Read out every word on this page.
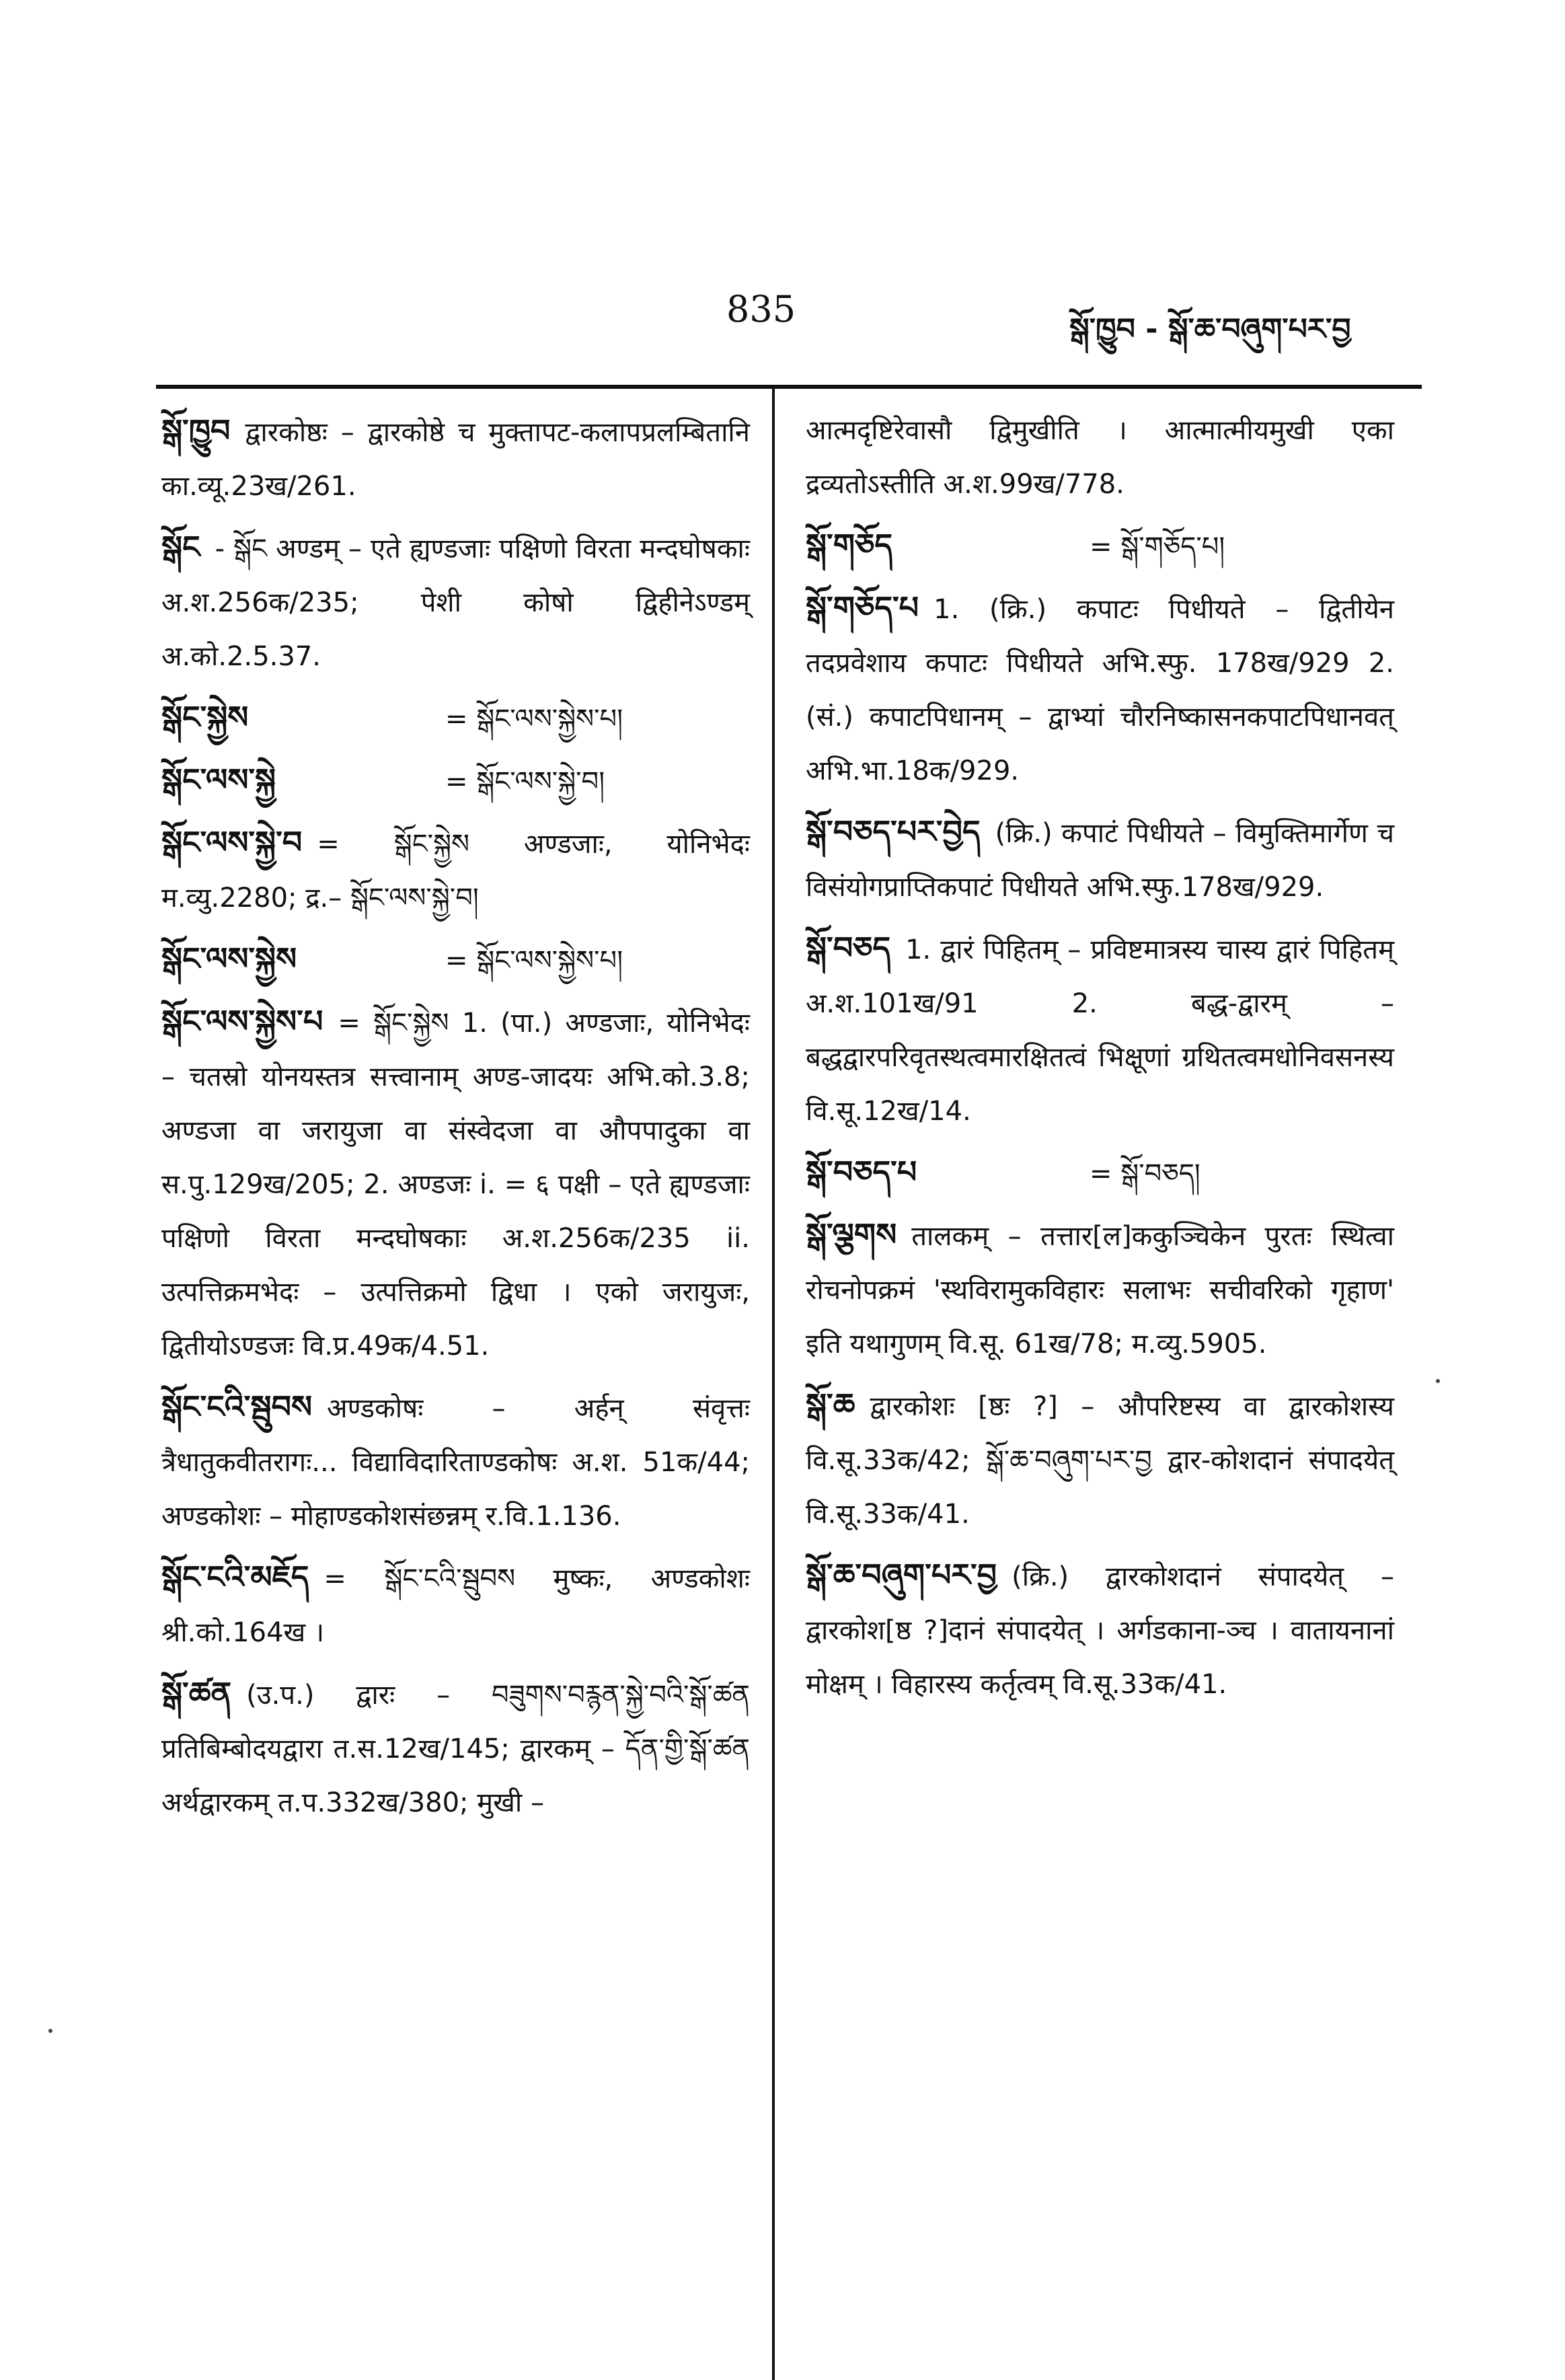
835	སྒོ་ཁྱུབ - སྒོ་ཆ་བཞུག་པར་བྱ
སྒོ་ཁྱུབ द्वारकोष्ठः – द्वारकोष्ठे च मुक्तापट-कलापप्रलम्बितानि का.व्यू.23ख/261.
སྒོང - སྒོང अण्डम् – एते ह्यण्डजाः पक्षिणो विरता मन्दघोषकाः अ.श.256क/235; पेशी कोषो द्विहीनेऽण्डम् अ.को.2.5.37.
སྒོང་སྐྱེས	= སྒོང་ལས་སྐྱེས་པ།
སྒོང་ལས་སྐྱེ	= སྒོང་ལས་སྐྱེ་བ།
སྒོང་ལས་སྐྱེ་བ = སྒོང་སྐྱེས अण्डजाः, योनिभेदः म.व्यु.2280; द्र.– སྒོང་ལས་སྐྱེ་བ།
སྒོང་ལས་སྐྱེས	= སྒོང་ལས་སྐྱེས་པ།
སྒོང་ལས་སྐྱེས་པ = སྒོང་སྐྱེས 1. (पा.) अण्डजाः, योनिभेदः – चतस्रो योनयस्तत्र सत्त्वानाम् अण्ड-जादयः अभि.को.3.8; अण्डजा वा जरायुजा वा संस्वेदजा वा औपपादुका वा स.पु.129ख/205; 2. अण्डजः i. = ६ पक्षी – एते ह्यण्डजाः पक्षिणो विरता मन्दघोषकाः अ.श.256क/235 ii. उत्पत्तिक्रमभेदः – उत्पत्तिक्रमो द्विधा । एको जरायुजः, द्वितीयोऽण्डजः वि.प्र.49क/4.51.
སྒོང་ངའི་སྦུབས अण्डकोषः – अर्हन् संवृत्तः त्रैधातुकवीतरागः... विद्याविदारिताण्डकोषः अ.श. 51क/44; अण्डकोशः – मोहाण्डकोशसंछन्नम् र.वि.1.136.
སྒོང་ངའི་མཇོད = སྒོང་ངའི་སྦུབས मुष्कः, अण्डकोशः श्री.को.164ख ।
སྒོ་ཚན (उ.प.) द्वारः – བཟུགས་བརྙན་སྐྱེ་བའི་སྒོ་ཚན प्रतिबिम्बोदयद्वारा त.स.12ख/145; द्वारकम् – དོན་གྱི་སྒོ་ཚན अर्थद्वारकम् त.प.332ख/380; मुखी –
आत्मदृष्टिरेवासौ द्विमुखीति । आत्मात्मीयमुखी एका द्रव्यतोऽस्तीति अ.श.99ख/778.
སྒོ་གཅོད	= སྒོ་གཅོད་པ།
སྒོ་གཅོད་པ 1. (क्रि.) कपाटः पिधीयते – द्वितीयेन तदप्रवेशाय कपाटः पिधीयते अभि.स्फु. 178ख/929 2. (सं.) कपाटपिधानम् – द्वाभ्यां चौरनिष्कासनकपाटपिधानवत् अभि.भा.18क/929.
སྒོ་བཅད་པར་བྱེད (क्रि.) कपाटं पिधीयते – विमुक्तिमार्गेण च विसंयोगप्राप्तिकपाटं पिधीयते अभि.स्फु.178ख/929.
སྒོ་བཅད 1. द्वारं पिहितम् – प्रविष्टमात्रस्य चास्य द्वारं पिहितम् अ.श.101ख/91 2. बद्ध-द्वारम् – बद्धद्वारपरिवृतस्थत्वमारक्षितत्वं भिक्षूणां ग्रथितत्वमधोनिवसनस्य वि.सू.12ख/14.
སྒོ་བཅད་པ	= སྒོ་བཅད།
སྒོ་ལྕགས तालकम् – तत्तार[ल]ककुञ्चिकेन पुरतः स्थित्वा रोचनोपक्रमं 'स्थविरामुकविहारः सलाभः सचीवरिको गृहाण' इति यथागुणम् वि.सू. 61ख/78; म.व्यु.5905.
སྒོ་ཆ द्वारकोशः [ष्ठः ?] – औपरिष्टस्य वा द्वारकोशस्य वि.सू.33क/42; སྒོ་ཆ་བཞུག་པར་བྱ द्वार-कोशदानं संपादयेत् वि.सू.33क/41.
སྒོ་ཆ་བཞུག་པར་བྱ (क्रि.) द्वारकोशदानं संपादयेत् – द्वारकोश[ष्ठ ?]दानं संपादयेत् । अर्गडकाना-ञ्च । वातायनानां मोक्षम् । विहारस्य कर्तृत्वम् वि.सू.33क/41.
